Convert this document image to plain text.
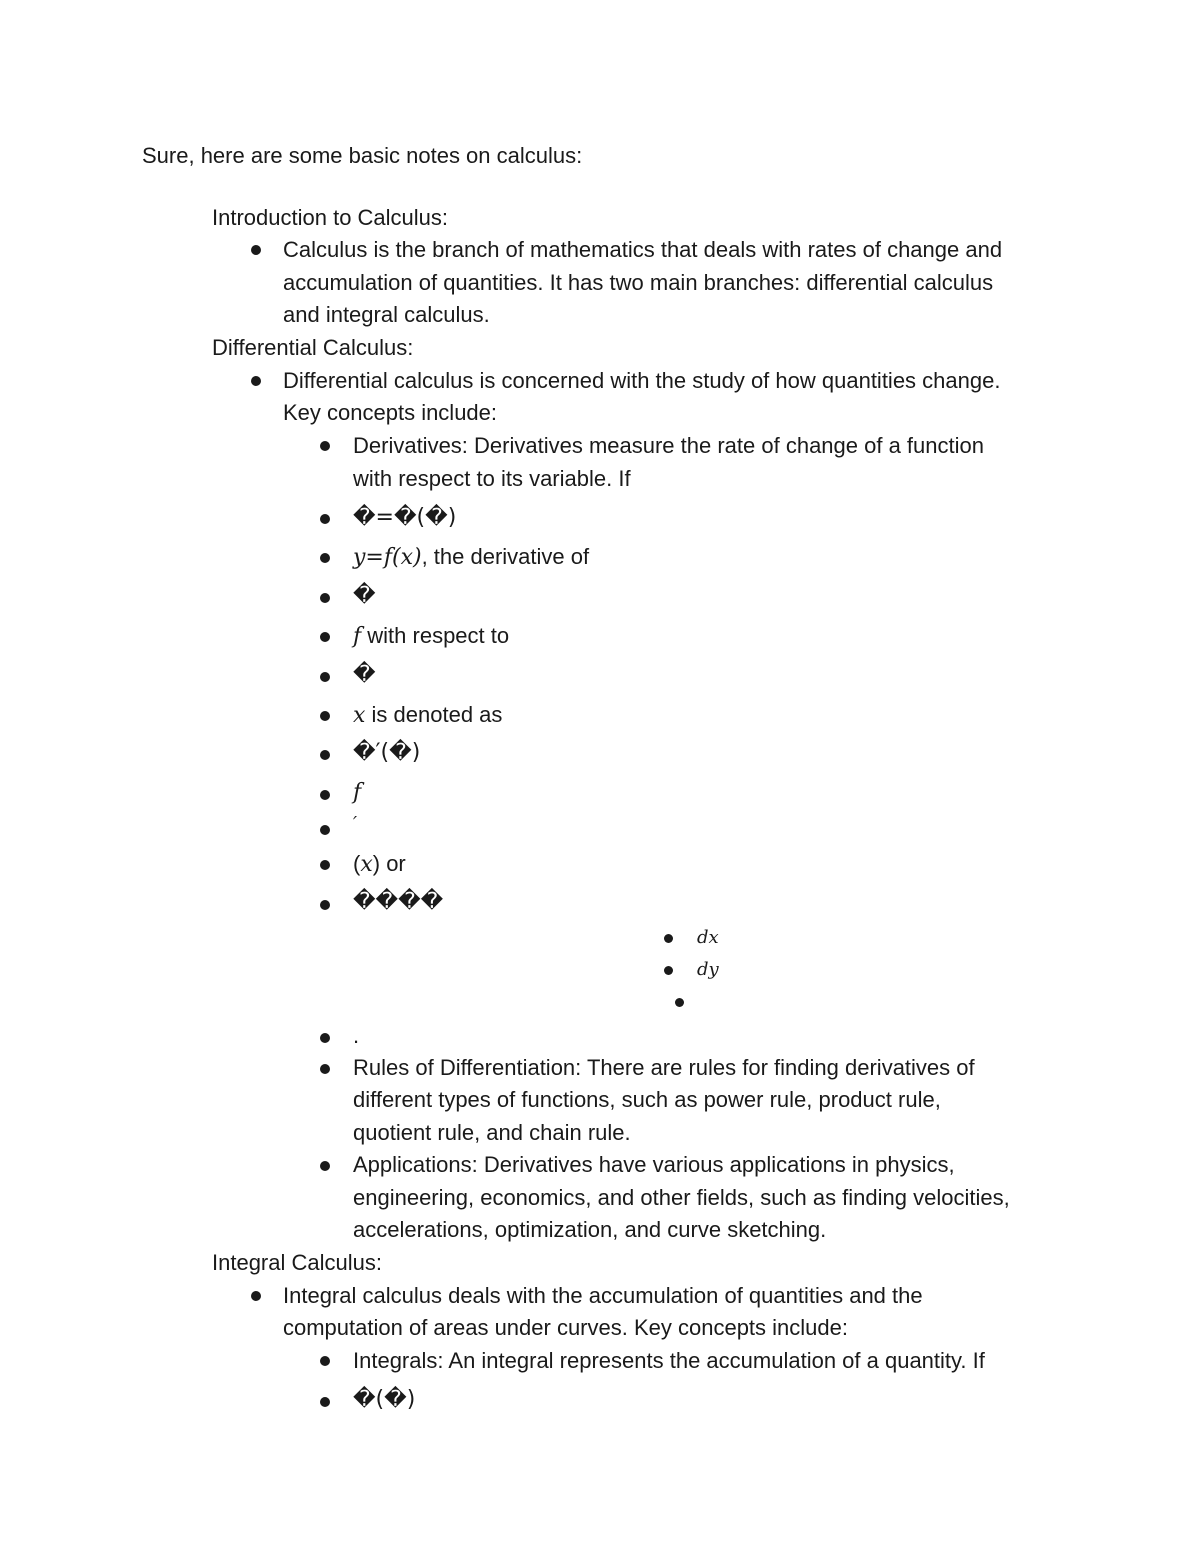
Sure, here are some basic notes on calculus:
Introduction to Calculus:
Calculus is the branch of mathematics that deals with rates of change and
accumulation of quantities. It has two main branches: differential calculus
and integral calculus.
Differential Calculus:
Differential calculus is concerned with the study of how quantities change.
Key concepts include:
Derivatives: Derivatives measure the rate of change of a function
with respect to its variable. If
�=�(�)
y=f(x), the derivative of
�
f with respect to
�
x is denoted as
�′(�)
f
′
(x) or
����
dx
dy
.
Rules of Differentiation: There are rules for finding derivatives of
different types of functions, such as power rule, product rule,
quotient rule, and chain rule.
Applications: Derivatives have various applications in physics,
engineering, economics, and other fields, such as finding velocities,
accelerations, optimization, and curve sketching.
Integral Calculus:
Integral calculus deals with the accumulation of quantities and the
computation of areas under curves. Key concepts include:
Integrals: An integral represents the accumulation of a quantity. If
�(�)
